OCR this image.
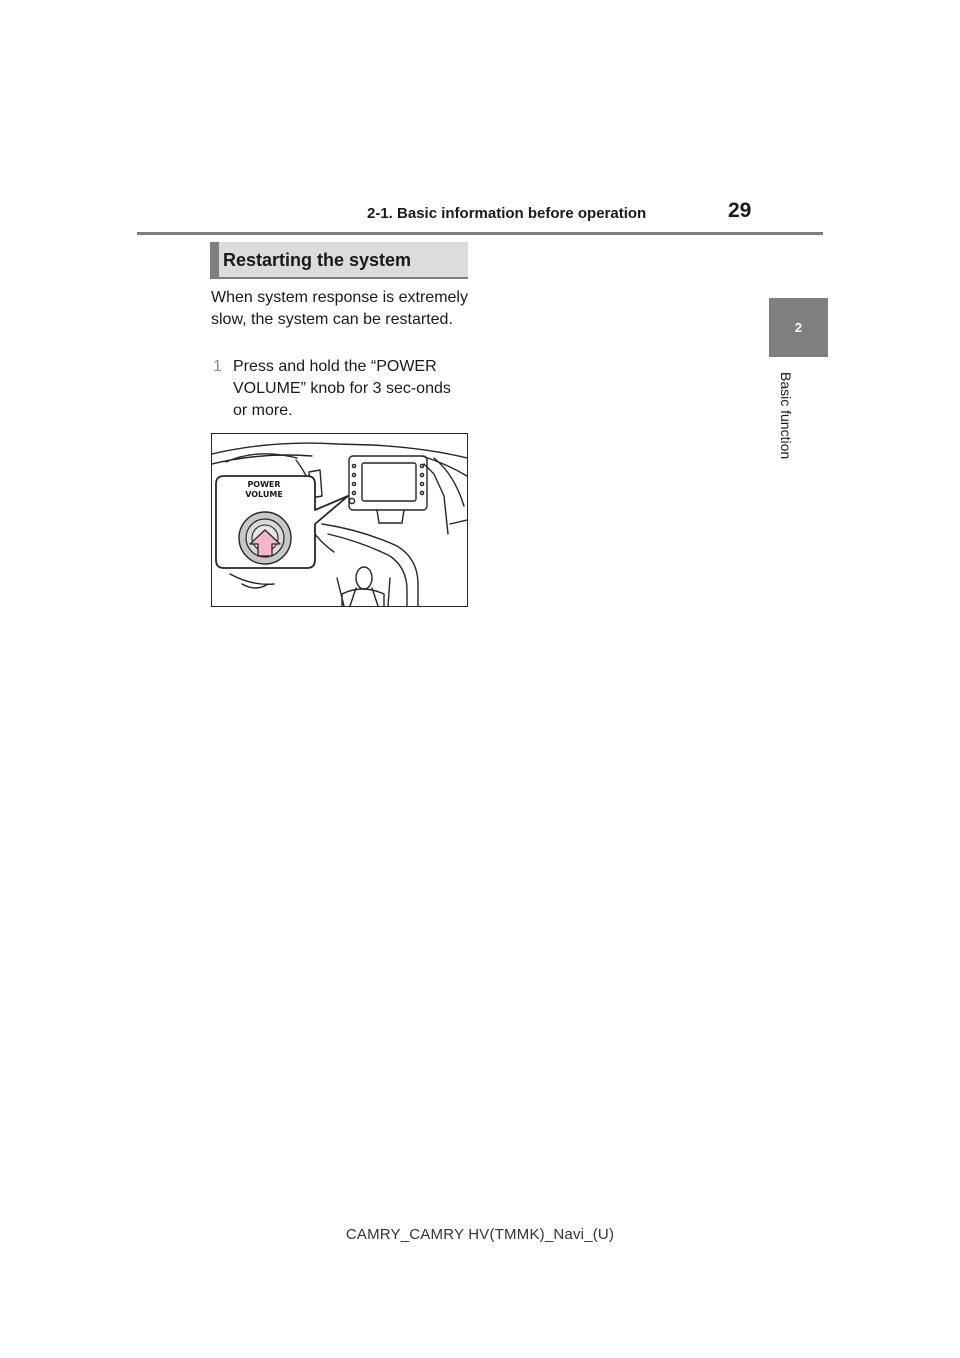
2-1. Basic information before operation	29
2
Basic function
Restarting the system
When system response is extremely slow, the system can be restarted.
1 Press and hold the “POWER VOLUME” knob for 3 sec-onds or more.
POWER
VOLUME
CAMRY_CAMRY HV(TMMK)_Navi_(U)
